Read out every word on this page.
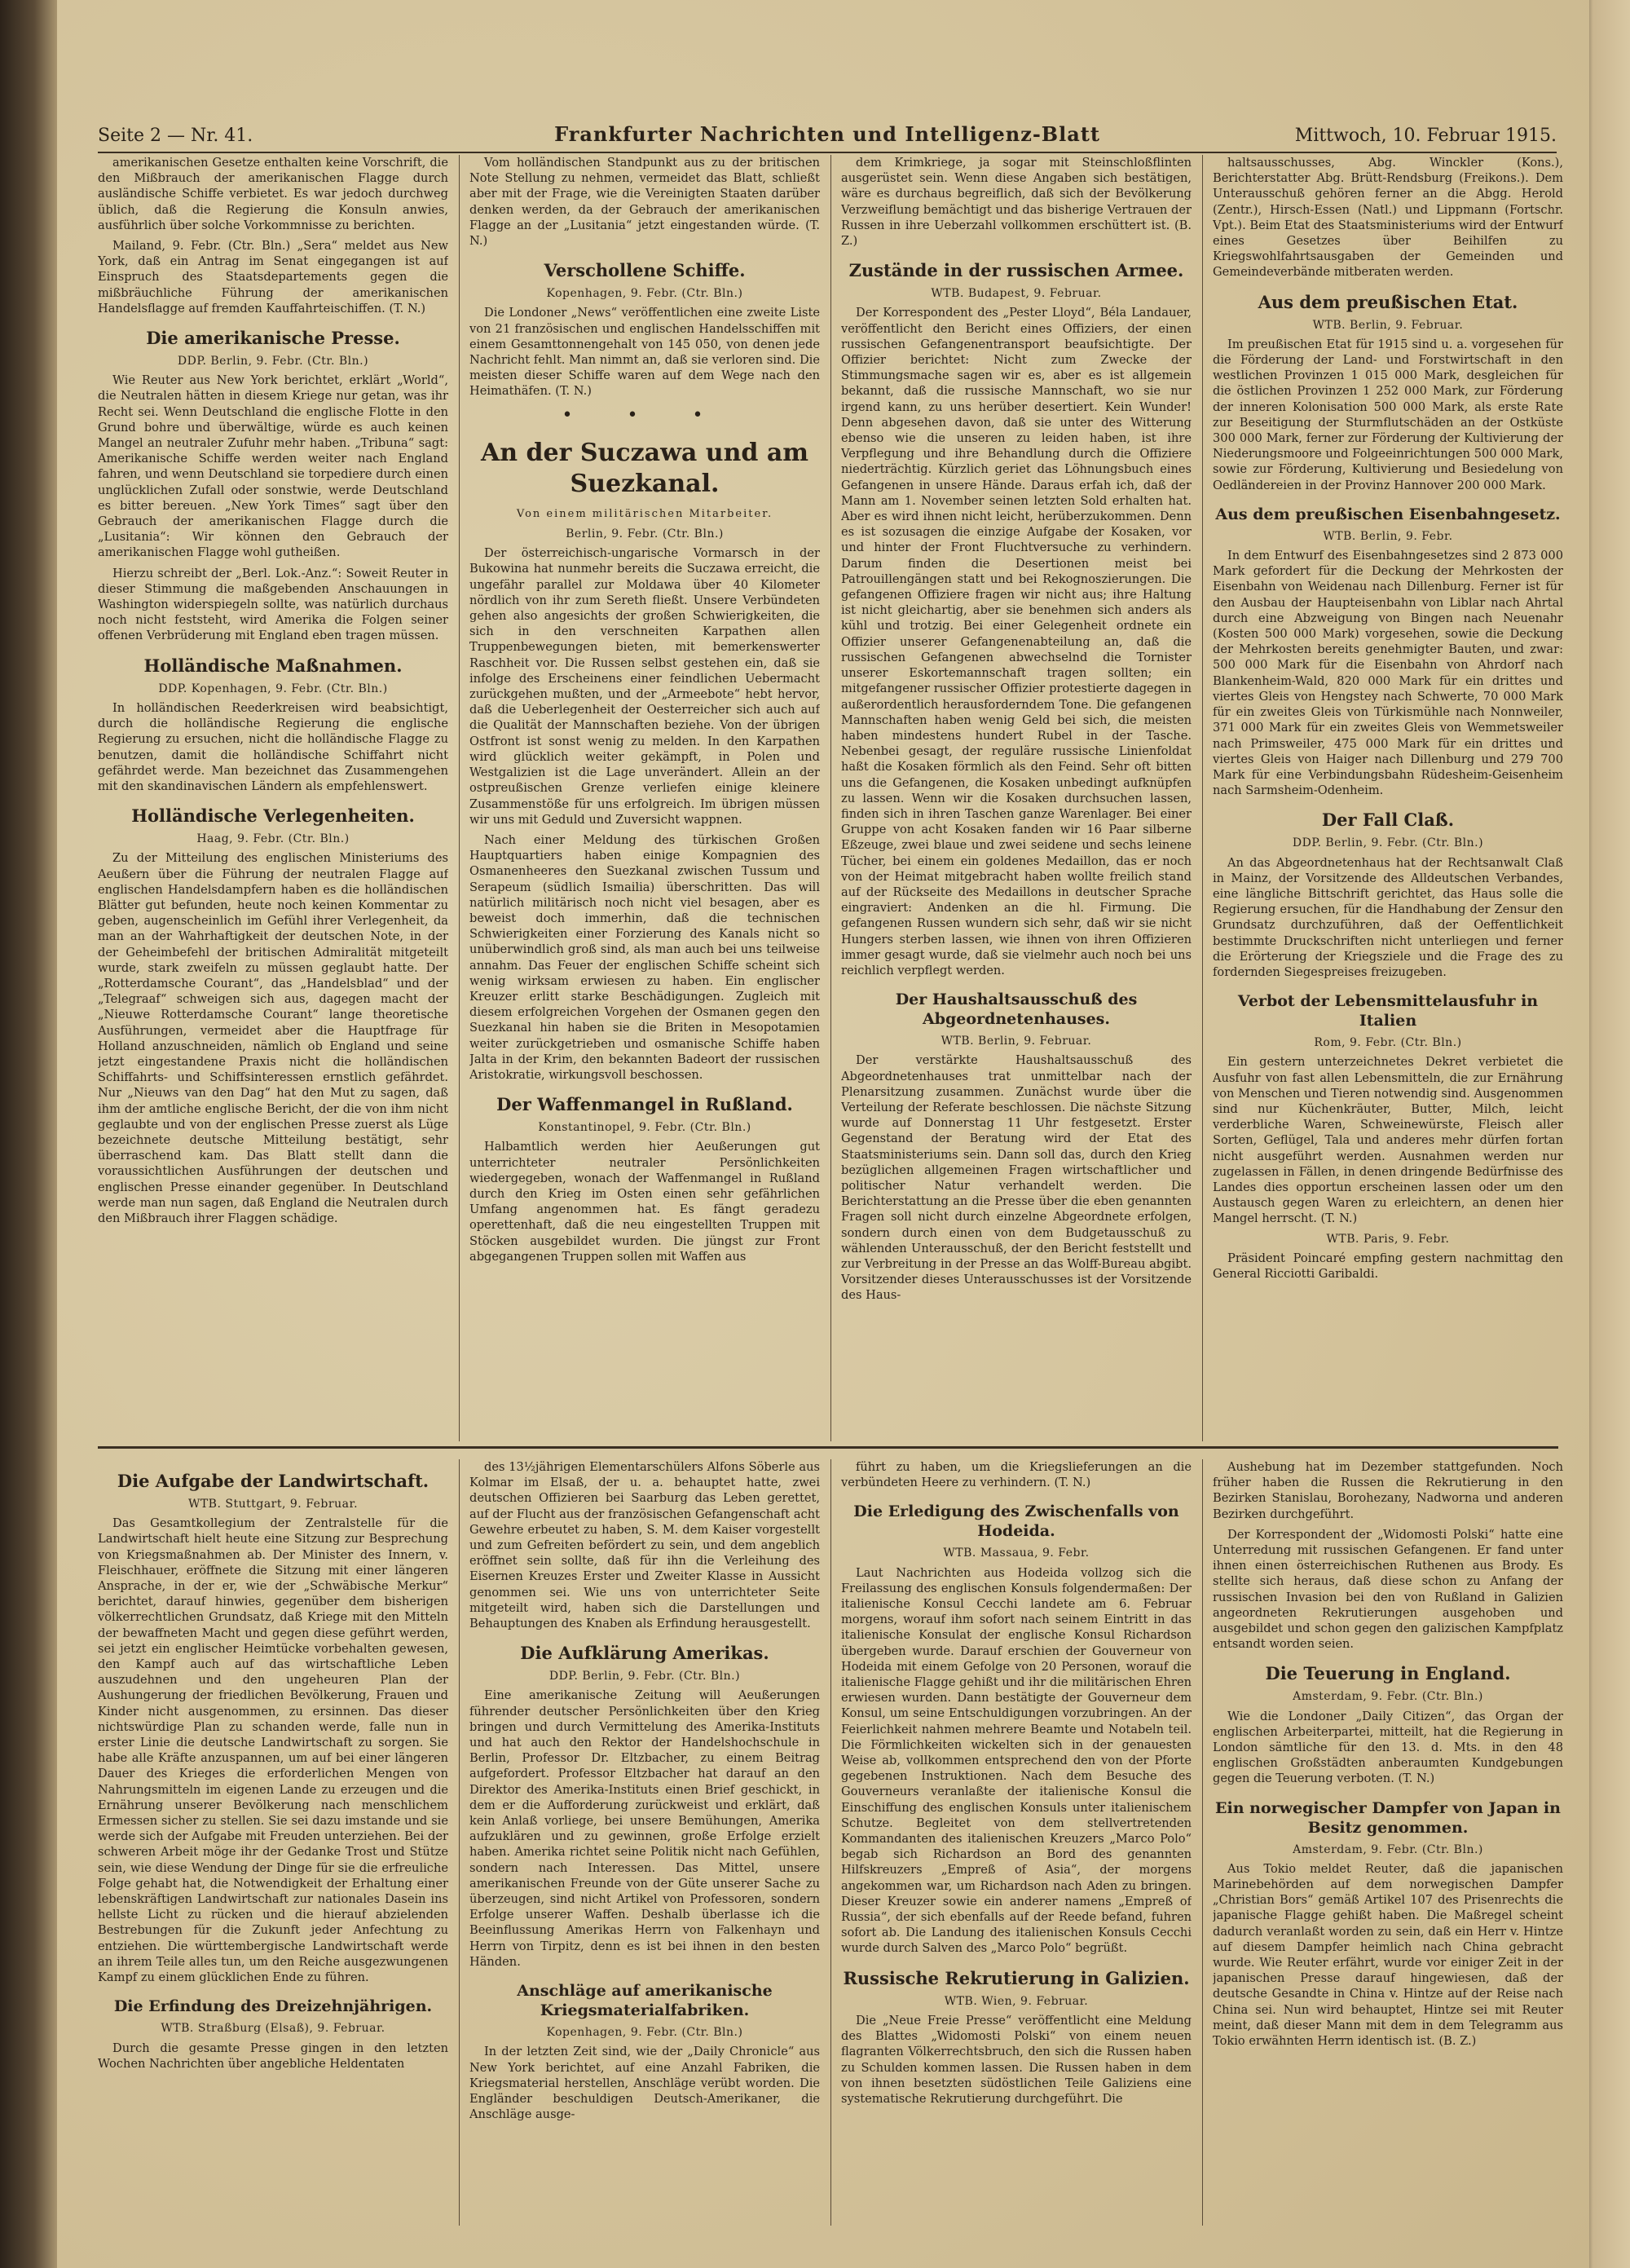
Seite 2 — Nr. 41.	Frankfurter Nachrichten und Intelligenz-Blatt	Mittwoch, 10. Februar 1915.

amerikanischen Gesetze enthalten keine Vorschrift, die den Mißbrauch der amerikanischen Flagge durch ausländische Schiffe verbietet. Es war jedoch durchweg üblich, daß die Regierung die Konsuln anwies, ausführlich über solche Vorkommnisse zu berichten.

Mailand, 9. Febr. (Ctr. Bln.) „Sera“ meldet aus New York, daß ein Antrag im Senat eingegangen ist auf Einspruch des Staatsdepartements gegen die mißbräuchliche Führung der amerikanischen Handelsflagge auf fremden Kauffahrteischiffen. (T. N.)

Die amerikanische Presse.
DDP. Berlin, 9. Febr. (Ctr. Bln.)

Wie Reuter aus New York berichtet, erklärt „World“, die Neutralen hätten in diesem Kriege nur getan, was ihr Recht sei. Wenn Deutschland die englische Flotte in den Grund bohre und überwältige, würde es auch keinen Mangel an neutraler Zufuhr mehr haben. „Tribuna“ sagt: Amerikanische Schiffe werden weiter nach England fahren, und wenn Deutschland sie torpediere durch einen unglücklichen Zufall oder sonstwie, werde Deutschland es bitter bereuen. „New York Times“ sagt über den Gebrauch der amerikanischen Flagge durch die „Lusitania“: Wir können den Gebrauch der amerikanischen Flagge wohl gutheißen.

Hierzu schreibt der „Berl. Lok.-Anz.“: Soweit Reuter in dieser Stimmung die maßgebenden Anschauungen in Washington widerspiegeln sollte, was natürlich durchaus noch nicht feststeht, wird Amerika die Folgen seiner offenen Verbrüderung mit England eben tragen müssen.

Holländische Maßnahmen.
DDP. Kopenhagen, 9. Febr. (Ctr. Bln.)

In holländischen Reederkreisen wird beabsichtigt, durch die holländische Regierung die englische Regierung zu ersuchen, nicht die holländische Flagge zu benutzen, damit die holländische Schiffahrt nicht gefährdet werde. Man bezeichnet das Zusammengehen mit den skandinavischen Ländern als empfehlenswert.

Holländische Verlegenheiten.
Haag, 9. Febr. (Ctr. Bln.)

Zu der Mitteilung des englischen Ministeriums des Aeußern über die Führung der neutralen Flagge auf englischen Handelsdampfern haben es die holländischen Blätter gut befunden, heute noch keinen Kommentar zu geben, augenscheinlich im Gefühl ihrer Verlegenheit, da man an der Wahrhaftigkeit der deutschen Note, in der der Geheimbefehl der britischen Admiralität mitgeteilt wurde, stark zweifeln zu müssen geglaubt hatte. Der „Rotterdamsche Courant“, das „Handelsblad“ und der „Telegraaf“ schweigen sich aus, dagegen macht der „Nieuwe Rotterdamsche Courant“ lange theoretische Ausführungen, vermeidet aber die Hauptfrage für Holland anzuschneiden, nämlich ob England und seine jetzt eingestandene Praxis nicht die holländischen Schiffahrts- und Schiffsinteressen ernstlich gefährdet. Nur „Nieuws van den Dag“ hat den Mut zu sagen, daß ihm der amtliche englische Bericht, der die von ihm nicht geglaubte und von der englischen Presse zuerst als Lüge bezeichnete deutsche Mitteilung bestätigt, sehr überraschend kam. Das Blatt stellt dann die voraussichtlichen Ausführungen der deutschen und englischen Presse einander gegenüber. In Deutschland werde man nun sagen, daß England die Neutralen durch den Mißbrauch ihrer Flaggen schädige.

Vom holländischen Standpunkt aus zu der britischen Note Stellung zu nehmen, vermeidet das Blatt, schließt aber mit der Frage, wie die Vereinigten Staaten darüber denken werden, da der Gebrauch der amerikanischen Flagge an der „Lusitania“ jetzt eingestanden würde. (T. N.)

Verschollene Schiffe.
Kopenhagen, 9. Febr. (Ctr. Bln.)

Die Londoner „News“ veröffentlichen eine zweite Liste von 21 französischen und englischen Handelsschiffen mit einem Gesamttonnengehalt von 145 050, von denen jede Nachricht fehlt. Man nimmt an, daß sie verloren sind. Die meisten dieser Schiffe waren auf dem Wege nach den Heimathäfen. (T. N.)

• • •
An der Suczawa und am Suezkanal.
Von einem militärischen Mitarbeiter.
Berlin, 9. Febr. (Ctr. Bln.)

Der österreichisch-ungarische Vormarsch in der Bukowina hat nunmehr bereits die Suczawa erreicht, die ungefähr parallel zur Moldawa über 40 Kilometer nördlich von ihr zum Sereth fließt. Unsere Verbündeten gehen also angesichts der großen Schwierigkeiten, die sich in den verschneiten Karpathen allen Truppenbewegungen bieten, mit bemerkenswerter Raschheit vor. Die Russen selbst gestehen ein, daß sie infolge des Erscheinens einer feindlichen Uebermacht zurückgehen mußten, und der „Armeebote“ hebt hervor, daß die Ueberlegenheit der Oesterreicher sich auch auf die Qualität der Mannschaften beziehe. Von der übrigen Ostfront ist sonst wenig zu melden. In den Karpathen wird glücklich weiter gekämpft, in Polen und Westgalizien ist die Lage unverändert. Allein an der ostpreußischen Grenze verliefen einige kleinere Zusammenstöße für uns erfolgreich. Im übrigen müssen wir uns mit Geduld und Zuversicht wappnen.

Nach einer Meldung des türkischen Großen Hauptquartiers haben einige Kompagnien des Osmanenheeres den Suezkanal zwischen Tussum und Serapeum (südlich Ismailia) überschritten. Das will natürlich militärisch noch nicht viel besagen, aber es beweist doch immerhin, daß die technischen Schwierigkeiten einer Forzierung des Kanals nicht so unüberwindlich groß sind, als man auch bei uns teilweise annahm. Das Feuer der englischen Schiffe scheint sich wenig wirksam erwiesen zu haben. Ein englischer Kreuzer erlitt starke Beschädigungen. Zugleich mit diesem erfolgreichen Vorgehen der Osmanen gegen den Suezkanal hin haben sie die Briten in Mesopotamien weiter zurückgetrieben und osmanische Schiffe haben Jalta in der Krim, den bekannten Badeort der russischen Aristokratie, wirkungsvoll beschossen.

Der Waffenmangel in Rußland.
Konstantinopel, 9. Febr. (Ctr. Bln.)

Halbamtlich werden hier Aeußerungen gut unterrichteter neutraler Persönlichkeiten wiedergegeben, wonach der Waffenmangel in Rußland durch den Krieg im Osten einen sehr gefährlichen Umfang angenommen hat. Es fängt geradezu operettenhaft, daß die neu eingestellten Truppen mit Stöcken ausgebildet wurden. Die jüngst zur Front abgegangenen Truppen sollen mit Waffen aus

dem Krimkriege, ja sogar mit Steinschloßflinten ausgerüstet sein. Wenn diese Angaben sich bestätigen, wäre es durchaus begreiflich, daß sich der Bevölkerung Verzweiflung bemächtigt und das bisherige Vertrauen der Russen in ihre Ueberzahl vollkommen erschüttert ist. (B. Z.)

Zustände in der russischen Armee.
WTB. Budapest, 9. Februar.

Der Korrespondent des „Pester Lloyd“, Béla Landauer, veröffentlicht den Bericht eines Offiziers, der einen russischen Gefangenentransport beaufsichtigte. Der Offizier berichtet: Nicht zum Zwecke der Stimmungsmache sagen wir es, aber es ist allgemein bekannt, daß die russische Mannschaft, wo sie nur irgend kann, zu uns herüber desertiert. Kein Wunder! Denn abgesehen davon, daß sie unter des Witterung ebenso wie die unseren zu leiden haben, ist ihre Verpflegung und ihre Behandlung durch die Offiziere niederträchtig. Kürzlich geriet das Löhnungsbuch eines Gefangenen in unsere Hände. Daraus erfah ich, daß der Mann am 1. November seinen letzten Sold erhalten hat. Aber es wird ihnen nicht leicht, herüberzukommen. Denn es ist sozusagen die einzige Aufgabe der Kosaken, vor und hinter der Front Fluchtversuche zu verhindern. Darum finden die Desertionen meist bei Patrouillengängen statt und bei Rekognoszierungen. Die gefangenen Offiziere fragen wir nicht aus; ihre Haltung ist nicht gleichartig, aber sie benehmen sich anders als kühl und trotzig. Bei einer Gelegenheit ordnete ein Offizier unserer Gefangenenabteilung an, daß die russischen Gefangenen abwechselnd die Tornister unserer Eskortemannschaft tragen sollten; ein mitgefangener russischer Offizier protestierte dagegen in außerordentlich herausforderndem Tone. Die gefangenen Mannschaften haben wenig Geld bei sich, die meisten haben mindestens hundert Rubel in der Tasche. Nebenbei gesagt, der reguläre russische Linienfoldat haßt die Kosaken förmlich als den Feind. Sehr oft bitten uns die Gefangenen, die Kosaken unbedingt aufknüpfen zu lassen. Wenn wir die Kosaken durchsuchen lassen, finden sich in ihren Taschen ganze Warenlager. Bei einer Gruppe von acht Kosaken fanden wir 16 Paar silberne Eßzeuge, zwei blaue und zwei seidene und sechs leinene Tücher, bei einem ein goldenes Medaillon, das er noch von der Heimat mitgebracht haben wollte freilich stand auf der Rückseite des Medaillons in deutscher Sprache eingraviert: Andenken an die hl. Firmung. Die gefangenen Russen wundern sich sehr, daß wir sie nicht Hungers sterben lassen, wie ihnen von ihren Offizieren immer gesagt wurde, daß sie vielmehr auch noch bei uns reichlich verpflegt werden.

Der Haushaltsausschuß des Abgeordnetenhauses.
WTB. Berlin, 9. Februar.

Der verstärkte Haushaltsausschuß des Abgeordnetenhauses trat unmittelbar nach der Plenarsitzung zusammen. Zunächst wurde über die Verteilung der Referate beschlossen. Die nächste Sitzung wurde auf Donnerstag 11 Uhr festgesetzt. Erster Gegenstand der Beratung wird der Etat des Staatsministeriums sein. Dann soll das, durch den Krieg bezüglichen allgemeinen Fragen wirtschaftlicher und politischer Natur verhandelt werden. Die Berichterstattung an die Presse über die eben genannten Fragen soll nicht durch einzelne Abgeordnete erfolgen, sondern durch einen von dem Budgetausschuß zu wählenden Unterausschuß, der den Bericht feststellt und zur Verbreitung in der Presse an das Wolff-Bureau abgibt. Vorsitzender dieses Unterausschusses ist der Vorsitzende des Haus-

haltsausschusses, Abg. Winckler (Kons.), Berichterstatter Abg. Brütt-Rendsburg (Freikons.). Dem Unterausschuß gehören ferner an die Abgg. Herold (Zentr.), Hirsch-Essen (Natl.) und Lippmann (Fortschr. Vpt.). Beim Etat des Staatsministeriums wird der Entwurf eines Gesetzes über Beihilfen zu Kriegswohlfahrtsausgaben der Gemeinden und Gemeindeverbände mitberaten werden.

Aus dem preußischen Etat.
WTB. Berlin, 9. Februar.

Im preußischen Etat für 1915 sind u. a. vorgesehen für die Förderung der Land- und Forstwirtschaft in den westlichen Provinzen 1 015 000 Mark, desgleichen für die östlichen Provinzen 1 252 000 Mark, zur Förderung der inneren Kolonisation 500 000 Mark, als erste Rate zur Beseitigung der Sturmflutschäden an der Ostküste 300 000 Mark, ferner zur Förderung der Kultivierung der Niederungsmoore und Folgeeinrichtungen 500 000 Mark, sowie zur Förderung, Kultivierung und Besiedelung von Oedländereien in der Provinz Hannover 200 000 Mark.

Aus dem preußischen Eisenbahngesetz.
WTB. Berlin, 9. Febr.

In dem Entwurf des Eisenbahngesetzes sind 2 873 000 Mark gefordert für die Deckung der Mehrkosten der Eisenbahn von Weidenau nach Dillenburg. Ferner ist für den Ausbau der Haupteisenbahn von Liblar nach Ahrtal durch eine Abzweigung von Bingen nach Neuenahr (Kosten 500 000 Mark) vorgesehen, sowie die Deckung der Mehrkosten bereits genehmigter Bauten, und zwar: 500 000 Mark für die Eisenbahn von Ahrdorf nach Blankenheim-Wald, 820 000 Mark für ein drittes und viertes Gleis von Hengstey nach Schwerte, 70 000 Mark für ein zweites Gleis von Türkismühle nach Nonnweiler, 371 000 Mark für ein zweites Gleis von Wemmetsweiler nach Primsweiler, 475 000 Mark für ein drittes und viertes Gleis von Haiger nach Dillenburg und 279 700 Mark für eine Verbindungsbahn Rüdesheim-Geisenheim nach Sarmsheim-Odenheim.

Der Fall Claß.
DDP. Berlin, 9. Febr. (Ctr. Bln.)

An das Abgeordnetenhaus hat der Rechtsanwalt Claß in Mainz, der Vorsitzende des Alldeutschen Verbandes, eine längliche Bittschrift gerichtet, das Haus solle die Regierung ersuchen, für die Handhabung der Zensur den Grundsatz durchzuführen, daß der Oeffentlichkeit bestimmte Druckschriften nicht unterliegen und ferner die Erörterung der Kriegsziele und die Frage des zu fordernden Siegespreises freizugeben.

Verbot der Lebensmittelausfuhr in Italien
Rom, 9. Febr. (Ctr. Bln.)

Ein gestern unterzeichnetes Dekret verbietet die Ausfuhr von fast allen Lebensmitteln, die zur Ernährung von Menschen und Tieren notwendig sind. Ausgenommen sind nur Küchenkräuter, Butter, Milch, leicht verderbliche Waren, Schweinewürste, Fleisch aller Sorten, Geflügel, Tala und anderes mehr dürfen fortan nicht ausgeführt werden. Ausnahmen werden nur zugelassen in Fällen, in denen dringende Bedürfnisse des Landes dies opportun erscheinen lassen oder um den Austausch gegen Waren zu erleichtern, an denen hier Mangel herrscht. (T. N.)

WTB. Paris, 9. Febr.

Präsident Poincaré empfing gestern nachmittag den General Ricciotti Garibaldi.

Die Aufgabe der Landwirtschaft.
WTB. Stuttgart, 9. Februar.

Das Gesamtkollegium der Zentralstelle für die Landwirtschaft hielt heute eine Sitzung zur Besprechung von Kriegsmaßnahmen ab. Der Minister des Innern, v. Fleischhauer, eröffnete die Sitzung mit einer längeren Ansprache, in der er, wie der „Schwäbische Merkur“ berichtet, darauf hinwies, gegenüber dem bisherigen völkerrechtlichen Grundsatz, daß Kriege mit den Mitteln der bewaffneten Macht und gegen diese geführt werden, sei jetzt ein englischer Heimtücke vorbehalten gewesen, den Kampf auch auf das wirtschaftliche Leben auszudehnen und den ungeheuren Plan der Aushungerung der friedlichen Bevölkerung, Frauen und Kinder nicht ausgenommen, zu ersinnen. Das dieser nichtswürdige Plan zu schanden werde, falle nun in erster Linie die deutsche Landwirtschaft zu sorgen. Sie habe alle Kräfte anzuspannen, um auf bei einer längeren Dauer des Krieges die erforderlichen Mengen von Nahrungsmitteln im eigenen Lande zu erzeugen und die Ernährung unserer Bevölkerung nach menschlichem Ermessen sicher zu stellen. Sie sei dazu imstande und sie werde sich der Aufgabe mit Freuden unterziehen. Bei der schweren Arbeit möge ihr der Gedanke Trost und Stütze sein, wie diese Wendung der Dinge für sie die erfreuliche Folge gehabt hat, die Notwendigkeit der Erhaltung einer lebenskräftigen Landwirtschaft zur nationales Dasein ins hellste Licht zu rücken und die hierauf abzielenden Bestrebungen für die Zukunft jeder Anfechtung zu entziehen. Die württembergische Landwirtschaft werde an ihrem Teile alles tun, um den Reiche ausgezwungenen Kampf zu einem glücklichen Ende zu führen.

Die Erfindung des Dreizehnjährigen.
WTB. Straßburg (Elsaß), 9. Februar.

Durch die gesamte Presse gingen in den letzten Wochen Nachrichten über angebliche Heldentaten

des 13½jährigen Elementarschülers Alfons Söberle aus Kolmar im Elsaß, der u. a. behauptet hatte, zwei deutschen Offizieren bei Saarburg das Leben gerettet, auf der Flucht aus der französischen Gefangenschaft acht Gewehre erbeutet zu haben, S. M. dem Kaiser vorgestellt und zum Gefreiten befördert zu sein, und dem angeblich eröffnet sein sollte, daß für ihn die Verleihung des Eisernen Kreuzes Erster und Zweiter Klasse in Aussicht genommen sei. Wie uns von unterrichteter Seite mitgeteilt wird, haben sich die Darstellungen und Behauptungen des Knaben als Erfindung herausgestellt.

Die Aufklärung Amerikas.
DDP. Berlin, 9. Febr. (Ctr. Bln.)

Eine amerikanische Zeitung will Aeußerungen führender deutscher Persönlichkeiten über den Krieg bringen und durch Vermittelung des Amerika-Instituts und hat auch den Rektor der Handelshochschule in Berlin, Professor Dr. Eltzbacher, zu einem Beitrag aufgefordert. Professor Eltzbacher hat darauf an den Direktor des Amerika-Instituts einen Brief geschickt, in dem er die Aufforderung zurückweist und erklärt, daß kein Anlaß vorliege, bei unsere Bemühungen, Amerika aufzuklären und zu gewinnen, große Erfolge erzielt haben. Amerika richtet seine Politik nicht nach Gefühlen, sondern nach Interessen. Das Mittel, unsere amerikanischen Freunde von der Güte unserer Sache zu überzeugen, sind nicht Artikel von Professoren, sondern Erfolge unserer Waffen. Deshalb überlasse ich die Beeinflussung Amerikas Herrn von Falkenhayn und Herrn von Tirpitz, denn es ist bei ihnen in den besten Händen.

Anschläge auf amerikanische Kriegsmaterialfabriken.
Kopenhagen, 9. Febr. (Ctr. Bln.)

In der letzten Zeit sind, wie der „Daily Chronicle“ aus New York berichtet, auf eine Anzahl Fabriken, die Kriegsmaterial herstellen, Anschläge verübt worden. Die Engländer beschuldigen Deutsch-Amerikaner, die Anschläge ausge-

führt zu haben, um die Kriegslieferungen an die verbündeten Heere zu verhindern. (T. N.)

Die Erledigung des Zwischenfalls von Hodeida.
WTB. Massaua, 9. Febr.

Laut Nachrichten aus Hodeida vollzog sich die Freilassung des englischen Konsuls folgendermaßen: Der italienische Konsul Cecchi landete am 6. Februar morgens, worauf ihm sofort nach seinem Eintritt in das italienische Konsulat der englische Konsul Richardson übergeben wurde. Darauf erschien der Gouverneur von Hodeida mit einem Gefolge von 20 Personen, worauf die italienische Flagge gehißt und ihr die militärischen Ehren erwiesen wurden. Dann bestätigte der Gouverneur dem Konsul, um seine Entschuldigungen vorzubringen. An der Feierlichkeit nahmen mehrere Beamte und Notabeln teil. Die Förmlichkeiten wickelten sich in der genauesten Weise ab, vollkommen entsprechend den von der Pforte gegebenen Instruktionen. Nach dem Besuche des Gouverneurs veranlaßte der italienische Konsul die Einschiffung des englischen Konsuls unter italienischem Schutze. Begleitet von dem stellvertretenden Kommandanten des italienischen Kreuzers „Marco Polo“ begab sich Richardson an Bord des genannten Hilfskreuzers „Empreß of Asia“, der morgens angekommen war, um Richardson nach Aden zu bringen. Dieser Kreuzer sowie ein anderer namens „Empreß of Russia“, der sich ebenfalls auf der Reede befand, fuhren sofort ab. Die Landung des italienischen Konsuls Cecchi wurde durch Salven des „Marco Polo“ begrüßt.

Russische Rekrutierung in Galizien.
WTB. Wien, 9. Februar.

Die „Neue Freie Presse“ veröffentlicht eine Meldung des Blattes „Widomosti Polski“ von einem neuen flagranten Völkerrechtsbruch, den sich die Russen haben zu Schulden kommen lassen. Die Russen haben in dem von ihnen besetzten südöstlichen Teile Galiziens eine systematische Rekrutierung durchgeführt. Die

Aushebung hat im Dezember stattgefunden. Noch früher haben die Russen die Rekrutierung in den Bezirken Stanislau, Borohezany, Nadworna und anderen Bezirken durchgeführt.

Der Korrespondent der „Widomosti Polski“ hatte eine Unterredung mit russischen Gefangenen. Er fand unter ihnen einen österreichischen Ruthenen aus Brody. Es stellte sich heraus, daß diese schon zu Anfang der russischen Invasion bei den von Rußland in Galizien angeordneten Rekrutierungen ausgehoben und ausgebildet und schon gegen den galizischen Kampfplatz entsandt worden seien.

Die Teuerung in England.
Amsterdam, 9. Febr. (Ctr. Bln.)

Wie die Londoner „Daily Citizen“, das Organ der englischen Arbeiterpartei, mitteilt, hat die Regierung in London sämtliche für den 13. d. Mts. in den 48 englischen Großstädten anberaumten Kundgebungen gegen die Teuerung verboten. (T. N.)

Ein norwegischer Dampfer von Japan in Besitz genommen.
Amsterdam, 9. Febr. (Ctr. Bln.)

Aus Tokio meldet Reuter, daß die japanischen Marinebehörden auf dem norwegischen Dampfer „Christian Bors“ gemäß Artikel 107 des Prisenrechts die japanische Flagge gehißt haben. Die Maßregel scheint dadurch veranlaßt worden zu sein, daß ein Herr v. Hintze auf diesem Dampfer heimlich nach China gebracht wurde. Wie Reuter erfährt, wurde vor einiger Zeit in der japanischen Presse darauf hingewiesen, daß der deutsche Gesandte in China v. Hintze auf der Reise nach China sei. Nun wird behauptet, Hintze sei mit Reuter meint, daß dieser Mann mit dem in dem Telegramm aus Tokio erwähnten Herrn identisch ist. (B. Z.)
